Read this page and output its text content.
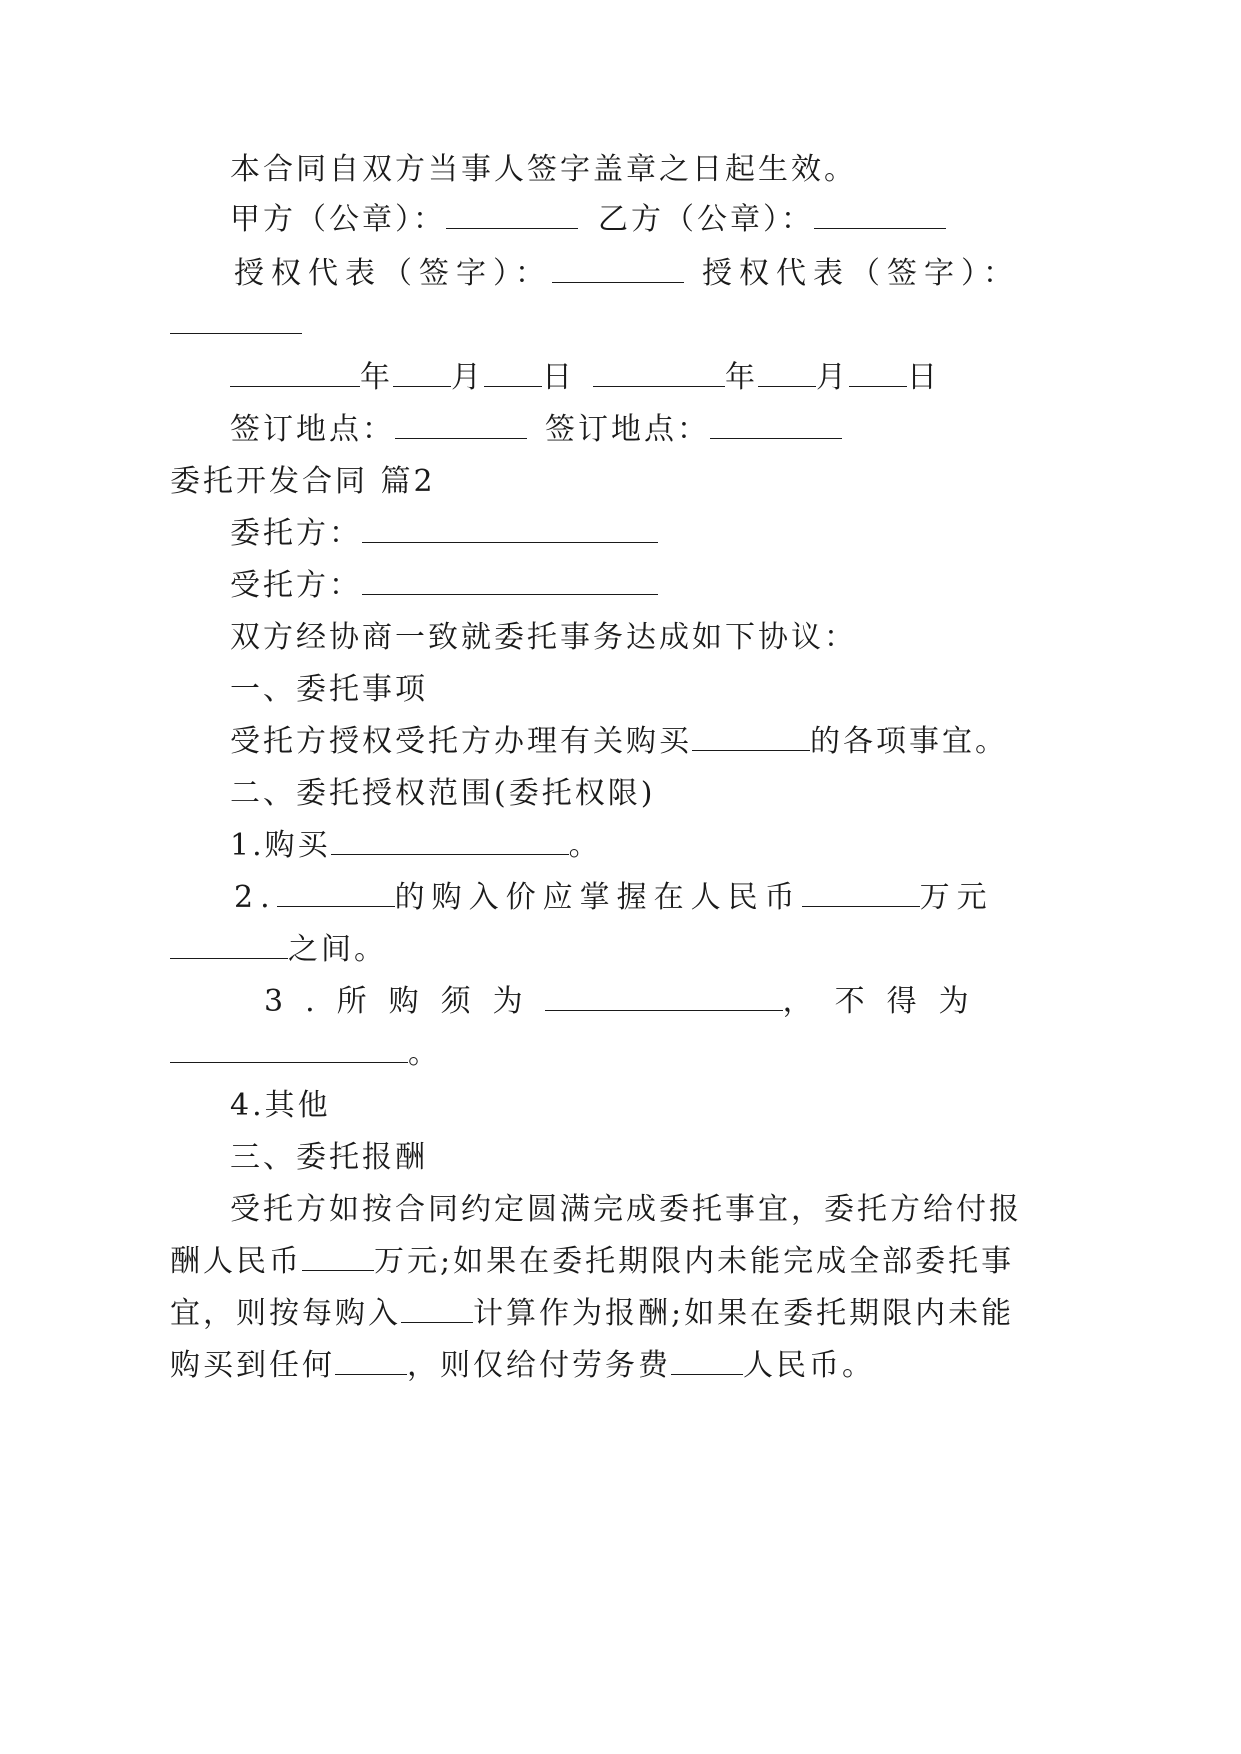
本合同自双方当事人签字盖章之日起生效。
甲方（公章）：	乙方（公章）：
授权代表（签字）：	授权代表（签字）：
年 月 日	年 月 日
签订地点：	签订地点：
委托开发合同 篇2
委托方：
受托方：
双方经协商一致就委托事务达成如下协议：
一、委托事项
受托方授权受托方办理有关购买	的各项事宜。
二、委托授权范围(委托权限)
1.购买	。
2.	的购入价应掌握在人民币	万元
之间。
3.所购须为	，不得为
。
4.其他
三、委托报酬
受托方如按合同约定圆满完成委托事宜，委托方给付报
酬人民币 万元;如果在委托期限内未能完成全部委托事
宜，则按每购入 计算作为报酬;如果在委托期限内未能
购买到任何 ，则仅给付劳务费 人民币。
